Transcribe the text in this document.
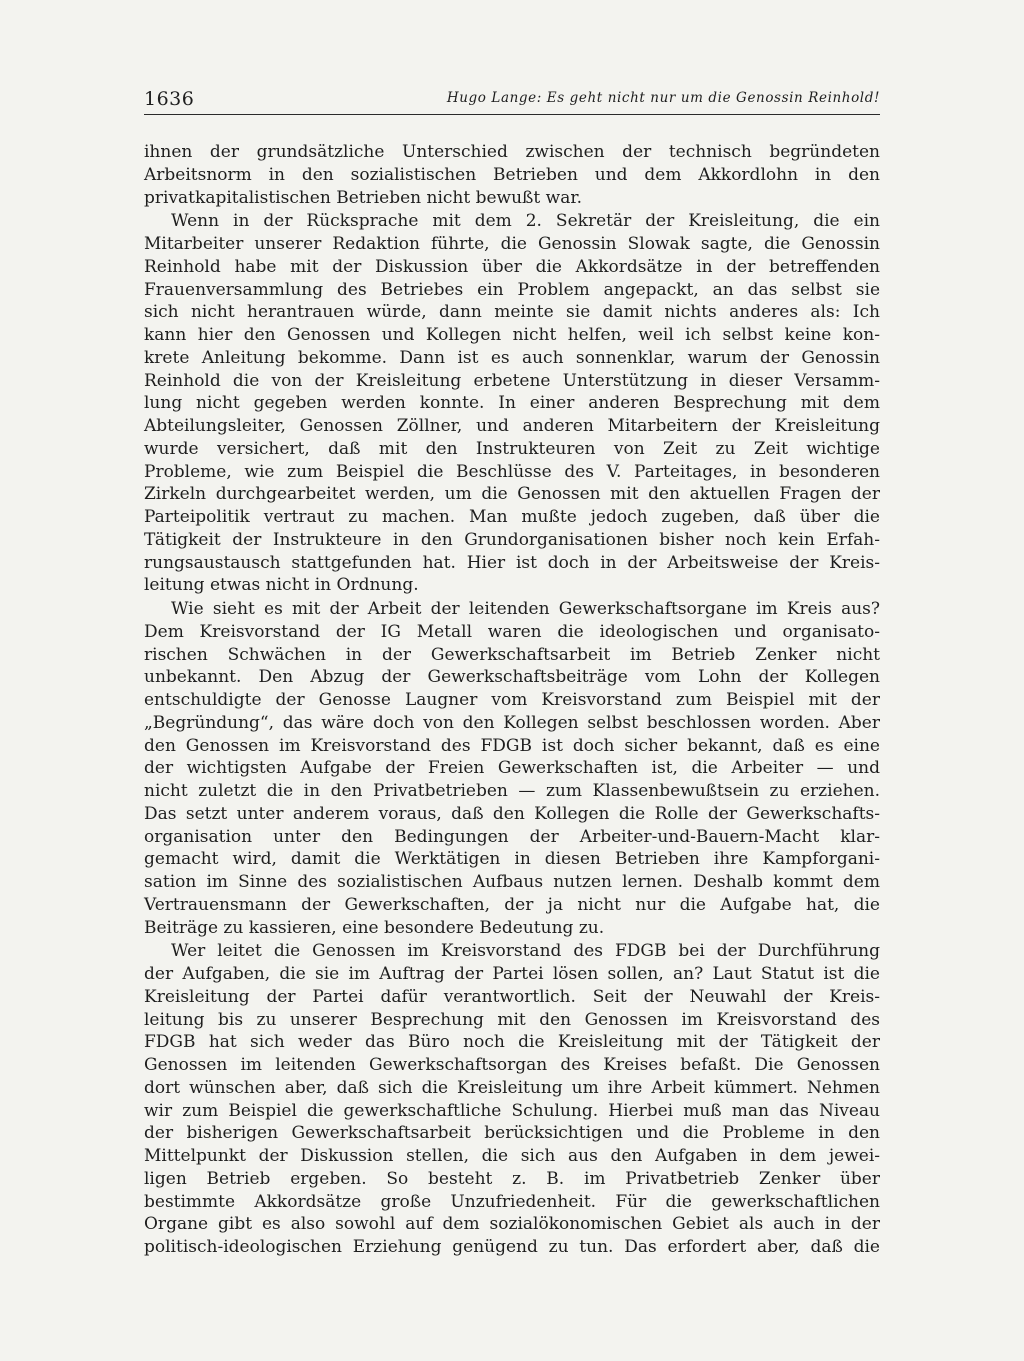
1636	Hugo Lange: Es geht nicht nur um die Genossin Reinhold!
ihnen der grundsätzliche Unterschied zwischen der technisch begründeten
Arbeitsnorm in den sozialistischen Betrieben und dem Akkordlohn in den
privatkapitalistischen Betrieben nicht bewußt war.
Wenn in der Rücksprache mit dem 2. Sekretär der Kreisleitung, die ein
Mitarbeiter unserer Redaktion führte, die Genossin Slowak sagte, die Genossin
Reinhold habe mit der Diskussion über die Akkordsätze in der betreffenden
Frauenversammlung des Betriebes ein Problem angepackt, an das selbst sie
sich nicht herantrauen würde, dann meinte sie damit nichts anderes als: Ich
kann hier den Genossen und Kollegen nicht helfen, weil ich selbst keine kon-
krete Anleitung bekomme. Dann ist es auch sonnenklar, warum der Genossin
Reinhold die von der Kreisleitung erbetene Unterstützung in dieser Versamm-
lung nicht gegeben werden konnte. In einer anderen Besprechung mit dem
Abteilungsleiter, Genossen Zöllner, und anderen Mitarbeitern der Kreisleitung
wurde versichert, daß mit den Instrukteuren von Zeit zu Zeit wichtige
Probleme, wie zum Beispiel die Beschlüsse des V. Parteitages, in besonderen
Zirkeln durchgearbeitet werden, um die Genossen mit den aktuellen Fragen der
Parteipolitik vertraut zu machen. Man mußte jedoch zugeben, daß über die
Tätigkeit der Instrukteure in den Grundorganisationen bisher noch kein Erfah-
rungsaustausch stattgefunden hat. Hier ist doch in der Arbeitsweise der Kreis-
leitung etwas nicht in Ordnung.
Wie sieht es mit der Arbeit der leitenden Gewerkschaftsorgane im Kreis aus?
Dem Kreisvorstand der IG Metall waren die ideologischen und organisato-
rischen Schwächen in der Gewerkschaftsarbeit im Betrieb Zenker nicht
unbekannt. Den Abzug der Gewerkschaftsbeiträge vom Lohn der Kollegen
entschuldigte der Genosse Laugner vom Kreisvorstand zum Beispiel mit der
„Begründung“, das wäre doch von den Kollegen selbst beschlossen worden. Aber
den Genossen im Kreisvorstand des FDGB ist doch sicher bekannt, daß es eine
der wichtigsten Aufgabe der Freien Gewerkschaften ist, die Arbeiter — und
nicht zuletzt die in den Privatbetrieben — zum Klassenbewußtsein zu erziehen.
Das setzt unter anderem voraus, daß den Kollegen die Rolle der Gewerkschafts-
organisation unter den Bedingungen der Arbeiter-und-Bauern-Macht klar-
gemacht wird, damit die Werktätigen in diesen Betrieben ihre Kampforgani-
sation im Sinne des sozialistischen Aufbaus nutzen lernen. Deshalb kommt dem
Vertrauensmann der Gewerkschaften, der ja nicht nur die Aufgabe hat, die
Beiträge zu kassieren, eine besondere Bedeutung zu.
Wer leitet die Genossen im Kreisvorstand des FDGB bei der Durchführung
der Aufgaben, die sie im Auftrag der Partei lösen sollen, an? Laut Statut ist die
Kreisleitung der Partei dafür verantwortlich. Seit der Neuwahl der Kreis-
leitung bis zu unserer Besprechung mit den Genossen im Kreisvorstand des
FDGB hat sich weder das Büro noch die Kreisleitung mit der Tätigkeit der
Genossen im leitenden Gewerkschaftsorgan des Kreises befaßt. Die Genossen
dort wünschen aber, daß sich die Kreisleitung um ihre Arbeit kümmert. Nehmen
wir zum Beispiel die gewerkschaftliche Schulung. Hierbei muß man das Niveau
der bisherigen Gewerkschaftsarbeit berücksichtigen und die Probleme in den
Mittelpunkt der Diskussion stellen, die sich aus den Aufgaben in dem jewei-
ligen Betrieb ergeben. So besteht z. B. im Privatbetrieb Zenker über
bestimmte Akkordsätze große Unzufriedenheit. Für die gewerkschaftlichen
Organe gibt es also sowohl auf dem sozialökonomischen Gebiet als auch in der
politisch-ideologischen Erziehung genügend zu tun. Das erfordert aber, daß die
